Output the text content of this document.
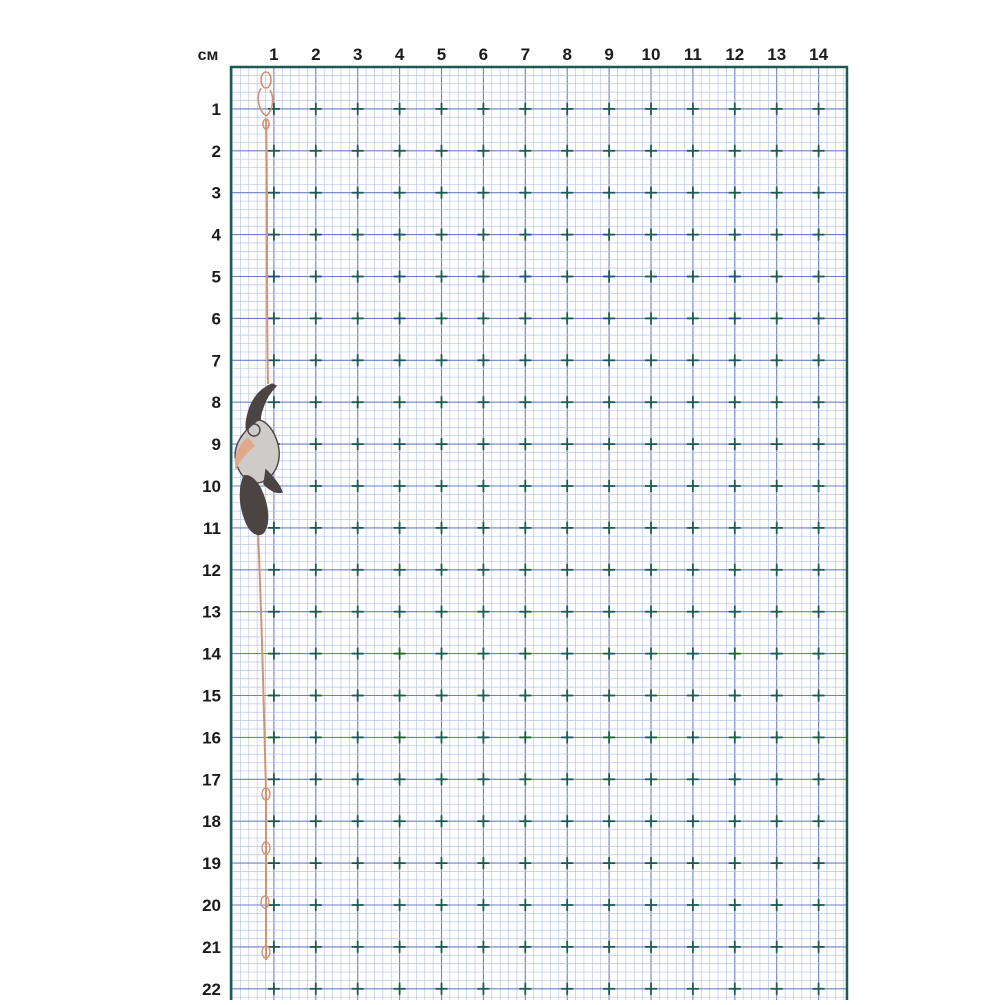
см	1 2 3 4 5 6 7 8 9 10 11 12 13 14
1
2
3
4
5
6
7
8
9
10
11
12
13
14
15
16
17
18
19
20
21
22
